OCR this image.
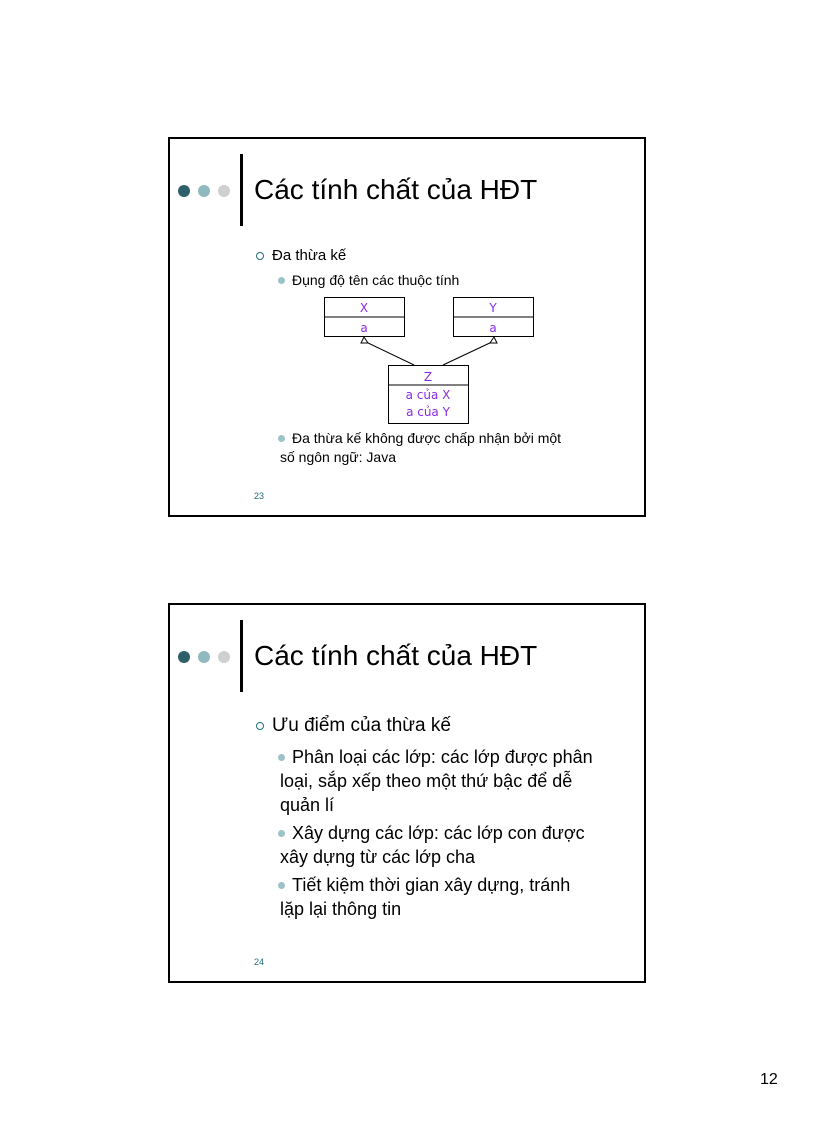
Các tính chất của HĐT
Đa thừa kế
Đụng độ tên các thuộc tính
X
a
Y
a
Z
a của X
a của Y
Đa thừa kế không được chấp nhận bởi một
số ngôn ngữ: Java
23
Các tính chất của HĐT
Ưu điểm của thừa kế
Phân loại các lớp: các lớp được phân
loại, sắp xếp theo một thứ bậc để dễ
quản lí
Xây dựng các lớp: các lớp con được
xây dựng từ các lớp cha
Tiết kiệm thời gian xây dựng, tránh
lặp lại thông tin
24
12
